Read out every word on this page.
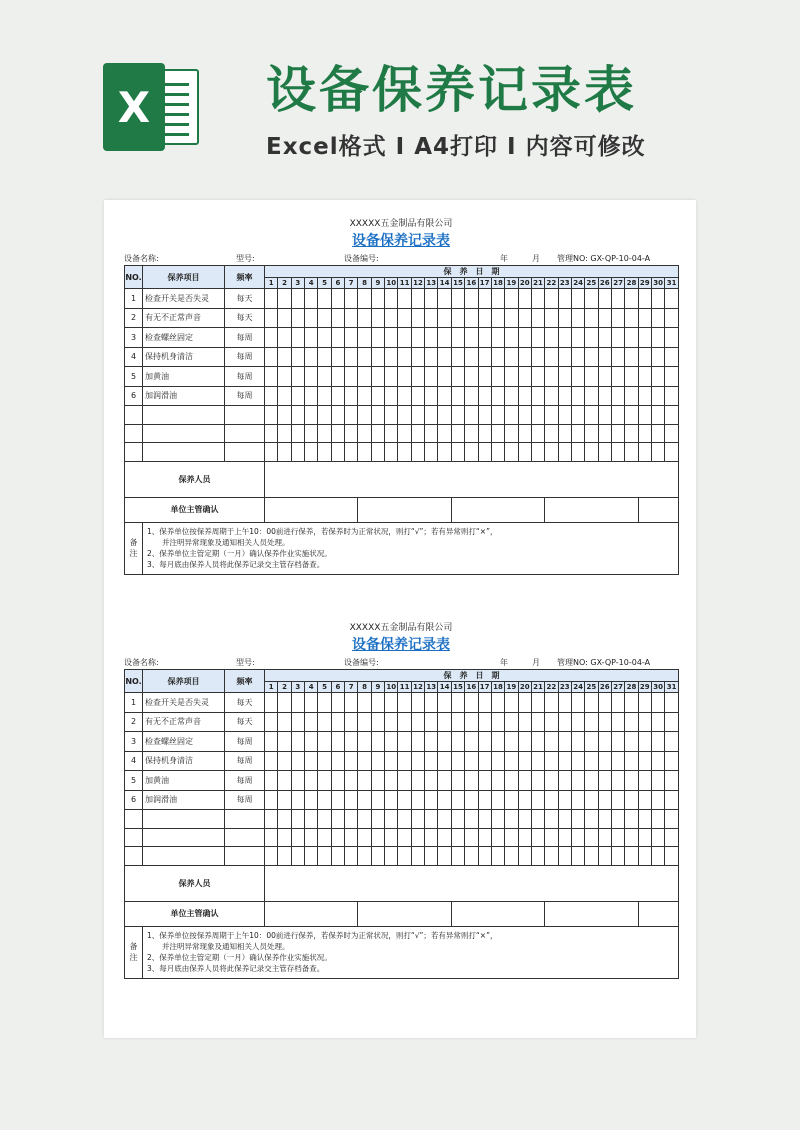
X 设备保养记录表
Excel格式 I A4打印 I 内容可修改
XXXXX五金制品有限公司
设备保养记录表
设备名称:	型号:	设备编号:	年	月 管理NO: GX-QP-10-04-A
NO.	保养项目	频率	保　养　日　期																														
			1	2	3	4	5	6	7	8	9	10	11	12	13	14	15	16	17	18	19	20	21	22	23	24	25	26	27	28	29	30	31
1	检查开关是否失灵	每天																															
2	有无不正常声音	每天																															
3	检查螺丝固定	每周																															
4	保持机身清洁	每周																															
5	加黄油	每周																															
6	加润滑油	每周																															

保养人员																																	
单位主管确认																																	
备注	1、保养单位按保养周期于上午10：00前进行保养，若保养时为正常状况，则打“√”；若有异常则打“×”，
　　并注明异常现象及通知相关人员处理。
2、保养单位主管定期（一月）确认保养作业实施状况。
3、每月底由保养人员将此保养记录交主管存档备查。																																
XXXXX五金制品有限公司
设备保养记录表
设备名称:	型号:	设备编号:	年	月 管理NO: GX-QP-10-04-A
NO.	保养项目	频率	保　养　日　期																														
			1	2	3	4	5	6	7	8	9	10	11	12	13	14	15	16	17	18	19	20	21	22	23	24	25	26	27	28	29	30	31
1	检查开关是否失灵	每天																															
2	有无不正常声音	每天																															
3	检查螺丝固定	每周																															
4	保持机身清洁	每周																															
5	加黄油	每周																															
6	加润滑油	每周																															

保养人员																																	
单位主管确认																																	
备注	1、保养单位按保养周期于上午10：00前进行保养，若保养时为正常状况，则打“√”；若有异常则打“×”，
　　并注明异常现象及通知相关人员处理。
2、保养单位主管定期（一月）确认保养作业实施状况。
3、每月底由保养人员将此保养记录交主管存档备查。																																
